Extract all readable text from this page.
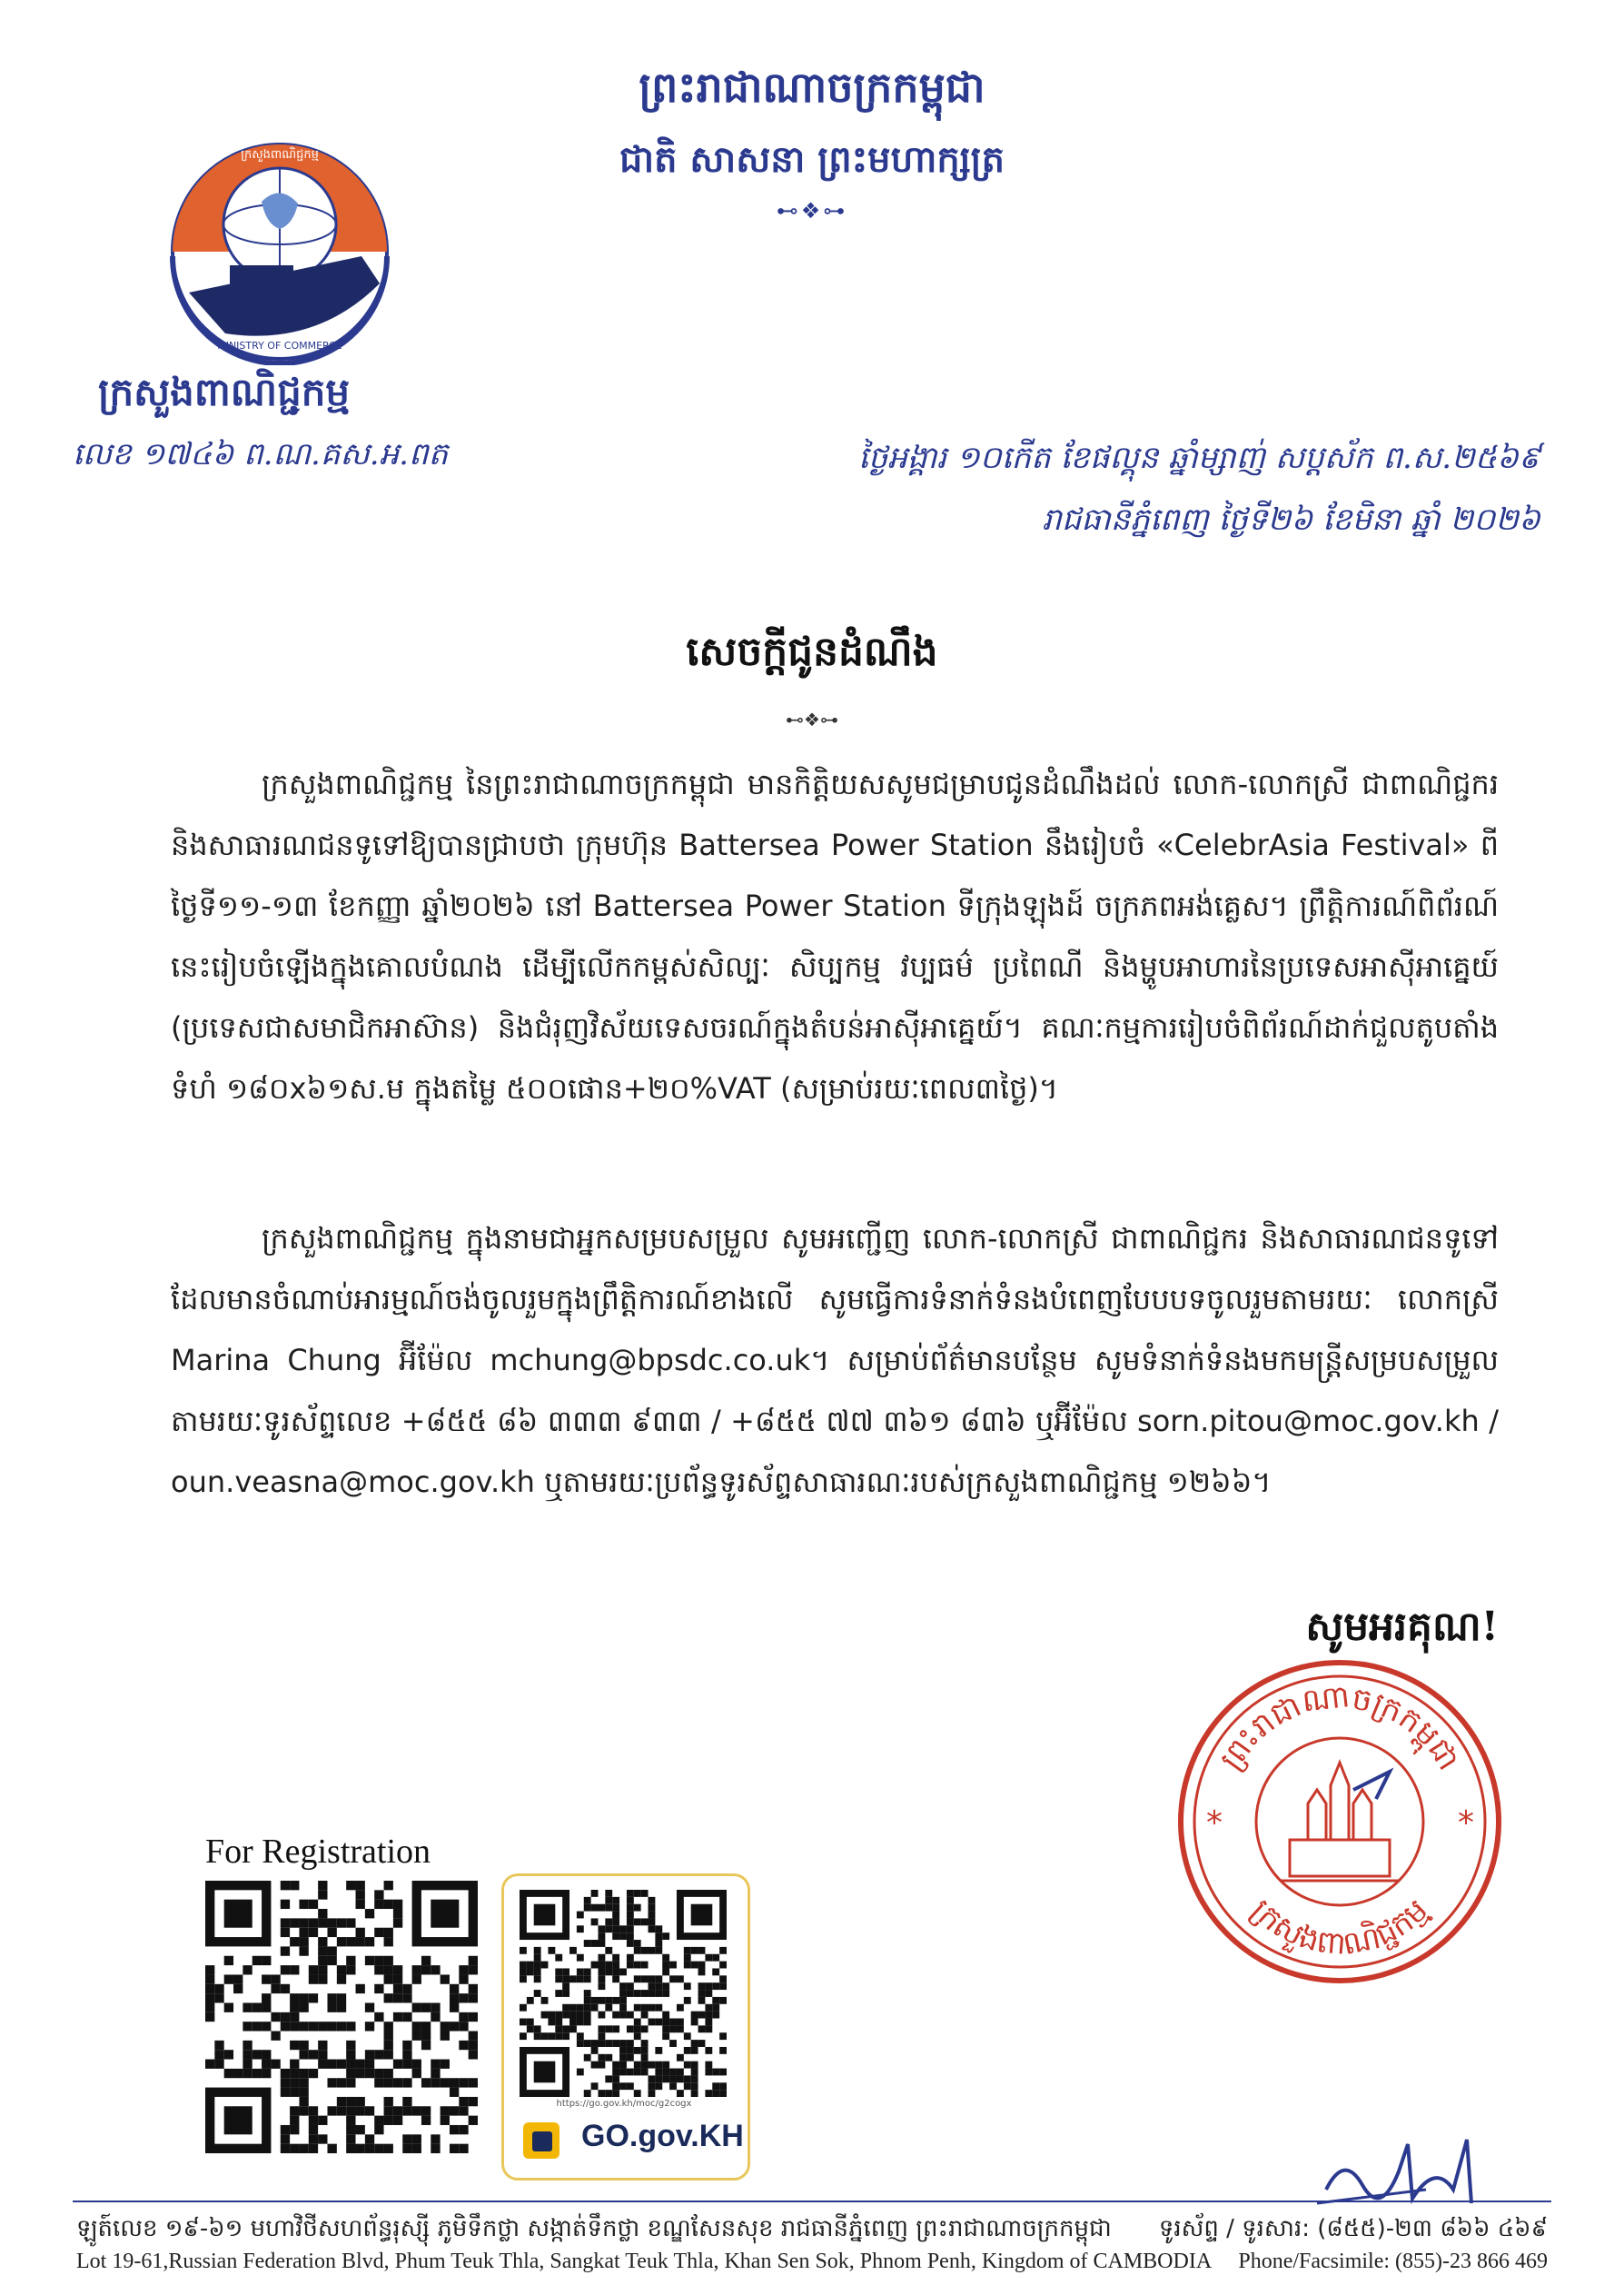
ព្រះរាជាណាចក្រកម្ពុជា
ជាតិ សាសនា ព្រះមហាក្សត្រ
⊷❖⊶
MINISTRY OF COMMERCE
ក្រសួងពាណិជ្ជកម្ម
ក្រសួងពាណិជ្ជកម្ម
លេខ ១៧៤៦ ព.ណ.គស.អ.ពត	ថ្ងៃអង្គារ ១០កើត ខែផល្គុន ឆ្នាំម្សាញ់ សប្តស័ក ព.ស.២៥៦៩
រាជធានីភ្នំពេញ ថ្ងៃទី២៦ ខែមិនា ឆ្នាំ ២០២៦
សេចក្តីជូនដំណឹង
⊷❖⊶
ក្រសួងពាណិជ្ជកម្ម នៃព្រះរាជាណាចក្រកម្ពុជា មានកិត្តិយសសូមជម្រាបជូនដំណឹងដល់ លោក-លោកស្រី ជាពាណិជ្ជករ និងសាធារណជនទូទៅឱ្យបានជ្រាបថា ក្រុមហ៊ុន Battersea Power Station នឹងរៀបចំ «CelebrAsia Festival» ពីថ្ងៃទី១១-១៣ ខែកញ្ញា ឆ្នាំ២០២៦ នៅ Battersea Power Station ទីក្រុងឡុងដ៍ ចក្រភពអង់គ្លេស។ ព្រឹត្តិការណ៍ពិព័រណ៍នេះរៀបចំឡើងក្នុងគោលបំណង ដើម្បីលើកកម្ពស់សិល្បៈ សិប្បកម្ម វប្បធម៌ ប្រពៃណី និងម្ហូបអាហារនៃប្រទេសអាស៊ីអាគ្នេយ៍ (ប្រទេសជាសមាជិកអាស៊ាន) និងជំរុញវិស័យទេសចរណ៍ក្នុងតំបន់អាស៊ីអាគ្នេយ៍។ គណៈកម្មការរៀបចំពិព័រណ៍ដាក់ជួលតូបតាំងទំហំ ១៨០x៦១ស.ម ក្នុងតម្លៃ ៥០០ផោន+២០%VAT (សម្រាប់រយៈពេល៣ថ្ងៃ)។
ក្រសួងពាណិជ្ជកម្ម ក្នុងនាមជាអ្នកសម្របសម្រួល សូមអញ្ជើញ លោក-លោកស្រី ជាពាណិជ្ជករ និងសាធារណជនទូទៅ ដែលមានចំណាប់អារម្មណ៍ចង់ចូលរួមក្នុងព្រឹត្តិការណ៍ខាងលើ សូមធ្វើការទំនាក់ទំនងបំពេញបែបបទចូលរួមតាមរយៈ លោកស្រី Marina Chung អ៊ីម៉ែល mchung@bpsdc.co.uk។ សម្រាប់ព័ត៌មានបន្ថែម សូមទំនាក់ទំនងមកមន្ត្រីសម្របសម្រួល តាមរយៈទូរស័ព្ទលេខ +៨៥៥ ៨៦ ៣៣៣ ៩៣៣ / +៨៥៥ ៧៧ ៣៦១ ៨៣៦ ឬអ៊ីម៉ែល sorn.pitou@moc.gov.kh / oun.veasna@moc.gov.kh ឬតាមរយៈប្រព័ន្ធទូរស័ព្ទសាធារណៈរបស់ក្រសួងពាណិជ្ជកម្ម ១២៦៦។
សូមអរគុណ!
ព្រះរាជាណាចក្រកម្ពុជា
ក្រសួងពាណិជ្ជកម្ម
*	*
For Registration
https://go.gov.kh/moc/g2cogx
GO.gov.KH
ឡូត៍លេខ ១៩-៦១ មហាវិថីសហព័ន្ធរុស្ស៊ី ភូមិទឹកថ្លា សង្កាត់ទឹកថ្លា ខណ្ឌសែនសុខ រាជធានីភ្នំពេញ ព្រះរាជាណាចក្រកម្ពុជា ទូរស័ព្ទ / ទូរសារ: (៨៥៥)-២៣ ៨៦៦ ៤៦៩
Lot 19-61,Russian Federation Blvd, Phum Teuk Thla, Sangkat Teuk Thla, Khan Sen Sok, Phnom Penh, Kingdom of CAMBODIA Phone/Facsimile: (855)-23 866 469
